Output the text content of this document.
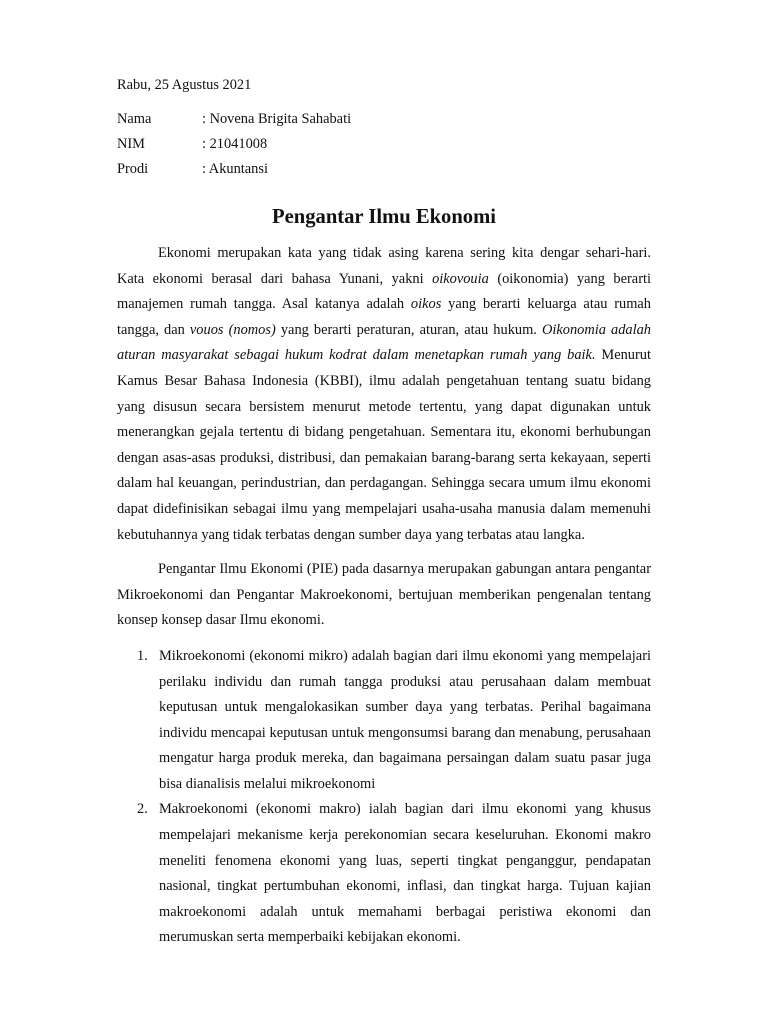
Rabu, 25 Agustus 2021
Nama	: Novena Brigita Sahabati
NIM	: 21041008
Prodi	: Akuntansi
Pengantar Ilmu Ekonomi

Ekonomi merupakan kata yang tidak asing karena sering kita dengar sehari-hari. Kata ekonomi berasal dari bahasa Yunani, yakni oikovouia (oikonomia) yang berarti manajemen rumah tangga. Asal katanya adalah oikos yang berarti keluarga atau rumah tangga, dan vouos (nomos) yang berarti peraturan, aturan, atau hukum. Oikonomia adalah aturan masyarakat sebagai hukum kodrat dalam menetapkan rumah yang baik. Menurut Kamus Besar Bahasa Indonesia (KBBI), ilmu adalah pengetahuan tentang suatu bidang yang disusun secara bersistem menurut metode tertentu, yang dapat digunakan untuk menerangkan gejala tertentu di bidang pengetahuan. Sementara itu, ekonomi berhubungan dengan asas-asas produksi, distribusi, dan pemakaian barang-barang serta kekayaan, seperti dalam hal keuangan, perindustrian, dan perdagangan. Sehingga secara umum ilmu ekonomi dapat didefinisikan sebagai ilmu yang mempelajari usaha-usaha manusia dalam memenuhi kebutuhannya yang tidak terbatas dengan sumber daya yang terbatas atau langka.

Pengantar Ilmu Ekonomi (PIE) pada dasarnya merupakan gabungan antara pengantar Mikroekonomi dan Pengantar Makroekonomi, bertujuan memberikan pengenalan tentang konsep konsep dasar Ilmu ekonomi.

1. Mikroekonomi (ekonomi mikro) adalah bagian dari ilmu ekonomi yang mempelajari perilaku individu dan rumah tangga produksi atau perusahaan dalam membuat keputusan untuk mengalokasikan sumber daya yang terbatas. Perihal bagaimana individu mencapai keputusan untuk mengonsumsi barang dan menabung, perusahaan mengatur harga produk mereka, dan bagaimana persaingan dalam suatu pasar juga bisa dianalisis melalui mikroekonomi
2. Makroekonomi (ekonomi makro) ialah bagian dari ilmu ekonomi yang khusus mempelajari mekanisme kerja perekonomian secara keseluruhan. Ekonomi makro meneliti fenomena ekonomi yang luas, seperti tingkat penganggur, pendapatan nasional, tingkat pertumbuhan ekonomi, inflasi, dan tingkat harga. Tujuan kajian makroekonomi adalah untuk memahami berbagai peristiwa ekonomi dan merumuskan serta memperbaiki kebijakan ekonomi.
